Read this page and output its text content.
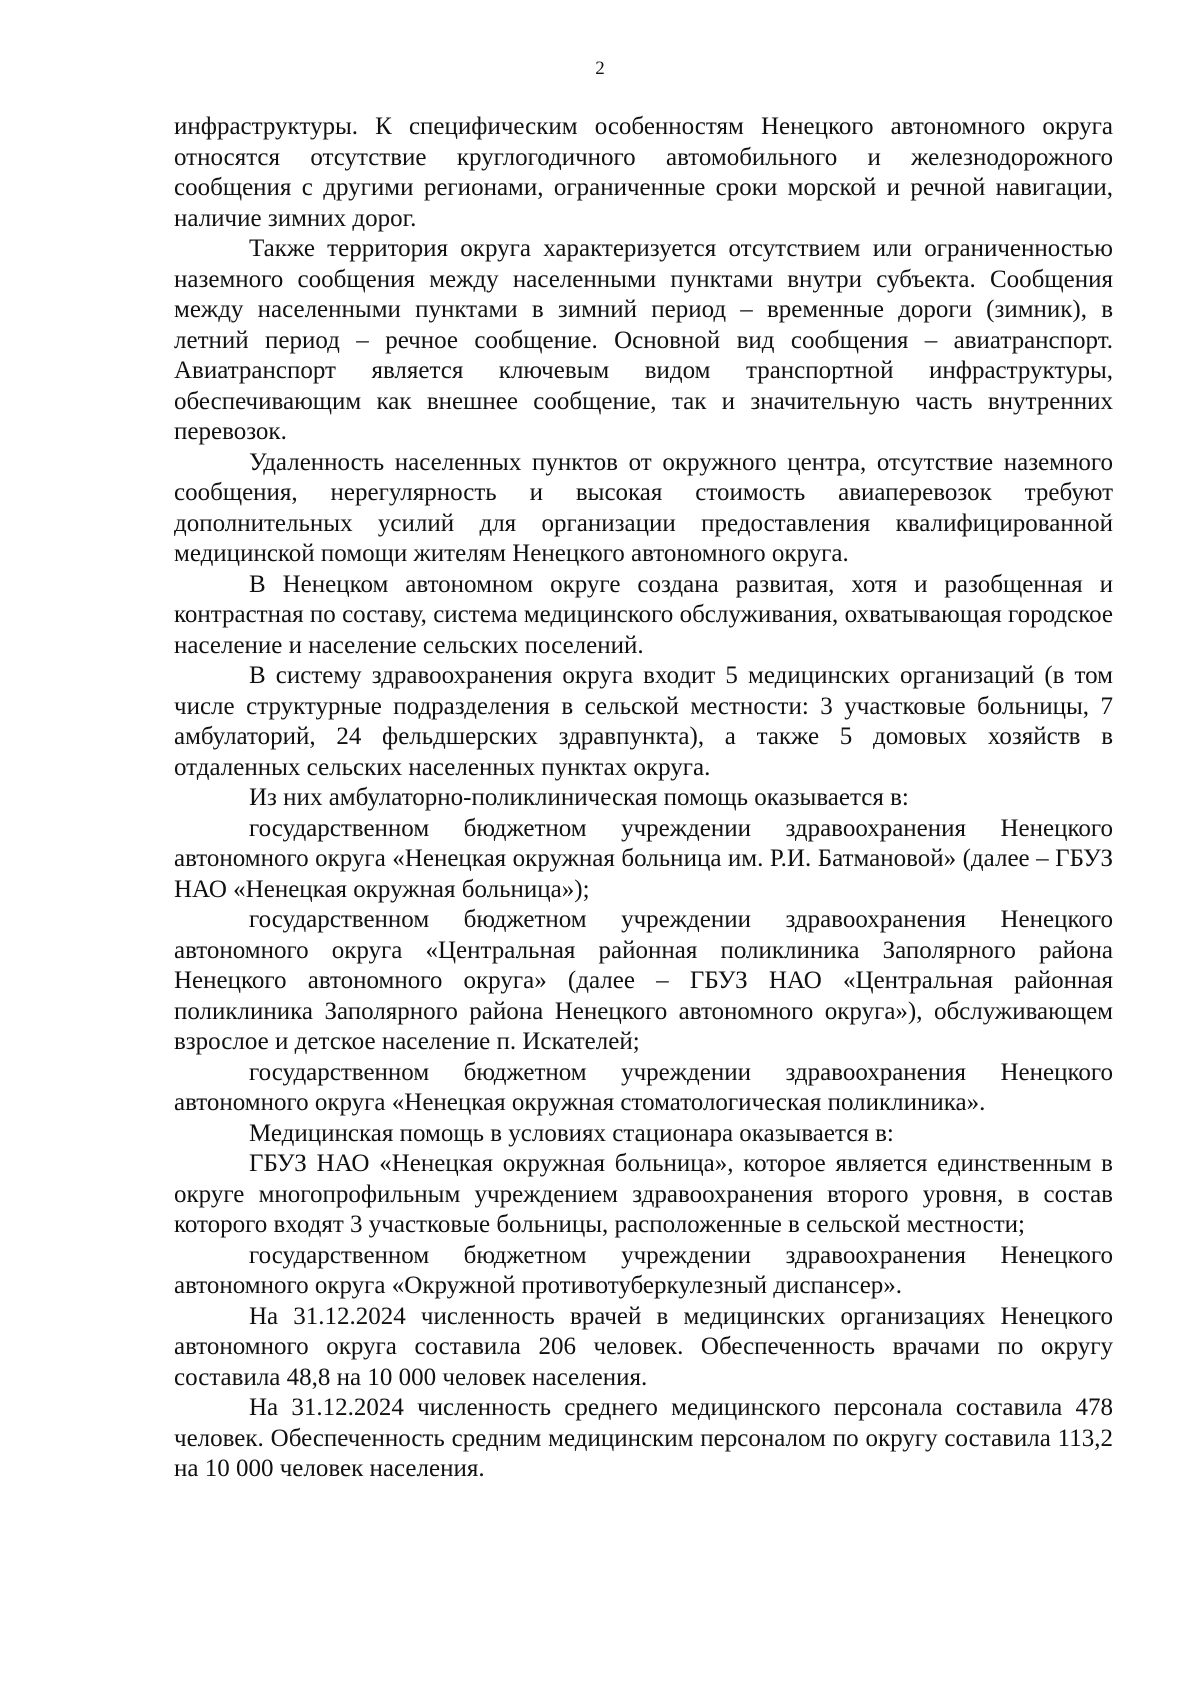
2

инфраструктуры. К специфическим особенностям Ненецкого автономного округа относятся отсутствие круглогодичного автомобильного и железнодорожного сообщения с другими регионами, ограниченные сроки морской и речной навигации, наличие зимних дорог.

Также территория округа характеризуется отсутствием или ограниченностью наземного сообщения между населенными пунктами внутри субъекта. Сообщения между населенными пунктами в зимний период – временные дороги (зимник), в летний период – речное сообщение. Основной вид сообщения – авиатранспорт. Авиатранспорт является ключевым видом транспортной инфраструктуры, обеспечивающим как внешнее сообщение, так и значительную часть внутренних перевозок.

Удаленность населенных пунктов от окружного центра, отсутствие наземного сообщения, нерегулярность и высокая стоимость авиаперевозок требуют дополнительных усилий для организации предоставления квалифицированной медицинской помощи жителям Ненецкого автономного округа.

В Ненецком автономном округе создана развитая, хотя и разобщенная и контрастная по составу, система медицинского обслуживания, охватывающая городское население и население сельских поселений.

В систему здравоохранения округа входит 5 медицинских организаций (в том числе структурные подразделения в сельской местности: 3 участковые больницы, 7 амбулаторий, 24 фельдшерских здравпункта), а также 5 домовых хозяйств в отдаленных сельских населенных пунктах округа.

Из них амбулаторно-поликлиническая помощь оказывается в:

государственном бюджетном учреждении здравоохранения Ненецкого автономного округа «Ненецкая окружная больница им. Р.И. Батмановой» (далее – ГБУЗ НАО «Ненецкая окружная больница»);

государственном бюджетном учреждении здравоохранения Ненецкого автономного округа «Центральная районная поликлиника Заполярного района Ненецкого автономного округа» (далее – ГБУЗ НАО «Центральная районная поликлиника Заполярного района Ненецкого автономного округа»), обслуживающем взрослое и детское население п. Искателей;

государственном бюджетном учреждении здравоохранения Ненецкого автономного округа «Ненецкая окружная стоматологическая поликлиника».

Медицинская помощь в условиях стационара оказывается в:

ГБУЗ НАО «Ненецкая окружная больница», которое является единственным в округе многопрофильным учреждением здравоохранения второго уровня, в состав которого входят 3 участковые больницы, расположенные в сельской местности;

государственном бюджетном учреждении здравоохранения Ненецкого автономного округа «Окружной противотуберкулезный диспансер».

На 31.12.2024 численность врачей в медицинских организациях Ненецкого автономного округа составила 206 человек. Обеспеченность врачами по округу составила 48,8 на 10 000 человек населения.

На 31.12.2024 численность среднего медицинского персонала составила 478 человек. Обеспеченность средним медицинским персоналом по округу составила 113,2 на 10 000 человек населения.
